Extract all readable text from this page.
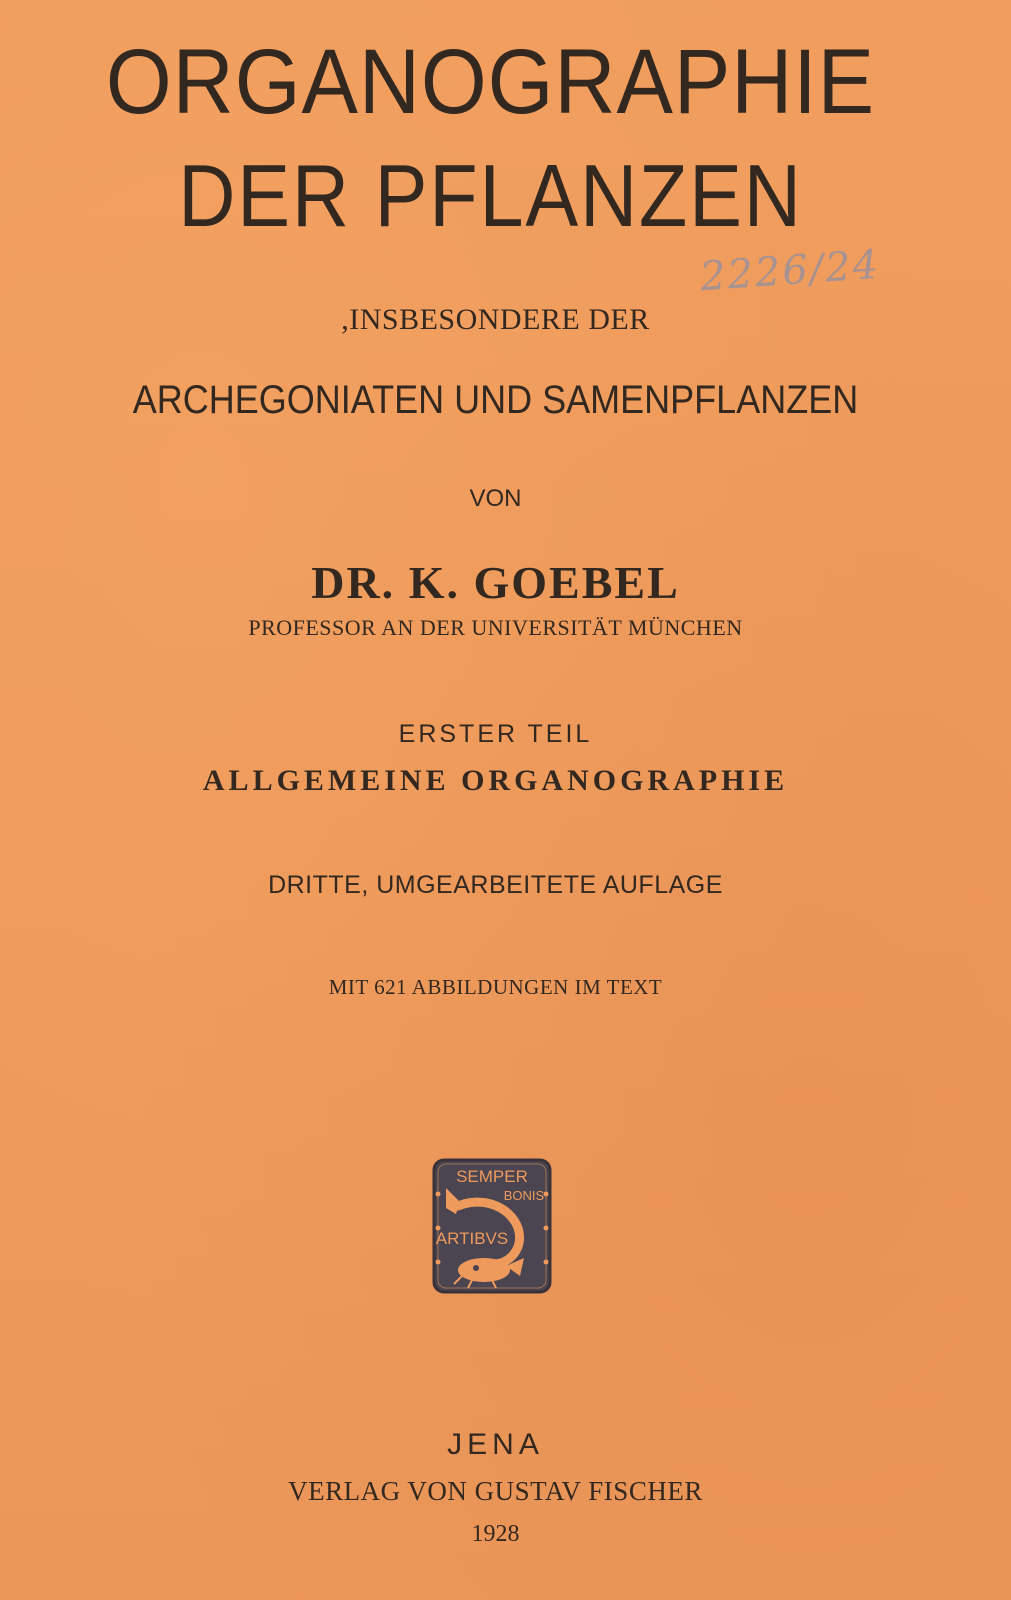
ORGANOGRAPHIE
DER PFLANZEN
2226/24
,INSBESONDERE DER
ARCHEGONIATEN UND SAMENPFLANZEN
VON
DR. K. GOEBEL
PROFESSOR AN DER UNIVERSITÄT MÜNCHEN
ERSTER TEIL
ALLGEMEINE ORGANOGRAPHIE
DRITTE, UMGEARBEITETE AUFLAGE
MIT 621 ABBILDUNGEN IM TEXT
SEMPER
BONIS
ARTIBVS
JENA
VERLAG VON GUSTAV FISCHER
1928
